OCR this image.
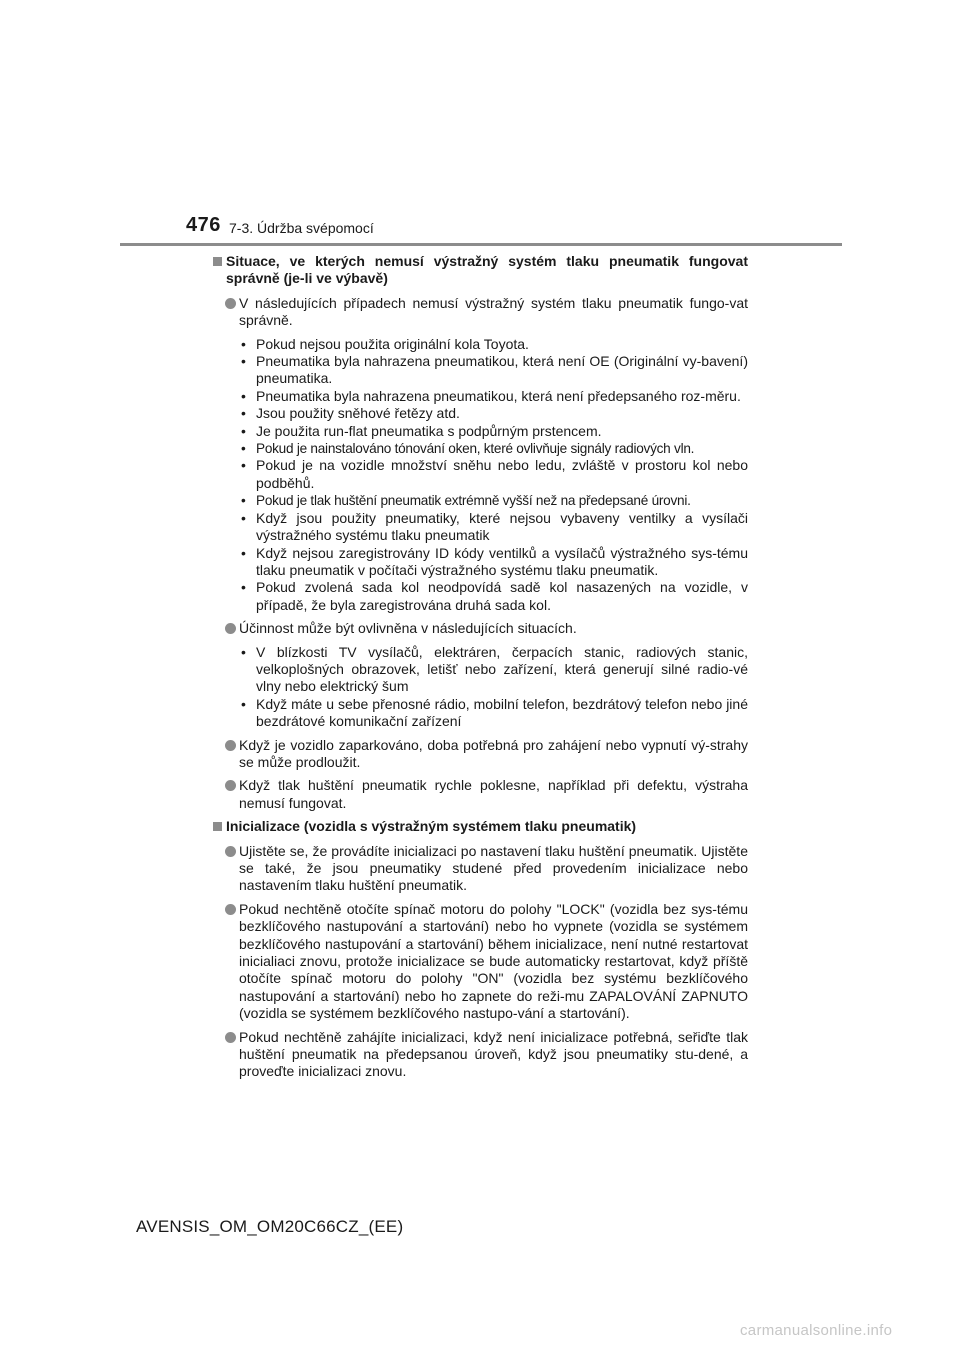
476 7-3. Údržba svépomocí
Situace, ve kterých nemusí výstražný systém tlaku pneumatik fungovat správně (je-li ve výbavě)
V následujících případech nemusí výstražný systém tlaku pneumatik fungo-vat správně.
• Pokud nejsou použita originální kola Toyota.
• Pneumatika byla nahrazena pneumatikou, která není OE (Originální vy-bavení) pneumatika.
• Pneumatika byla nahrazena pneumatikou, která není předepsaného roz-měru.
• Jsou použity sněhové řetězy atd.
• Je použita run-flat pneumatika s podpůrným prstencem.
• Pokud je nainstalováno tónování oken, které ovlivňuje signály radiových vln.
• Pokud je na vozidle množství sněhu nebo ledu, zvláště v prostoru kol nebo podběhů.
• Pokud je tlak huštění pneumatik extrémně vyšší než na předepsané úrovni.
• Když jsou použity pneumatiky, které nejsou vybaveny ventilky a vysílači výstražného systému tlaku pneumatik
• Když nejsou zaregistrovány ID kódy ventilků a vysílačů výstražného sys-tému tlaku pneumatik v počítači výstražného systému tlaku pneumatik.
• Pokud zvolená sada kol neodpovídá sadě kol nasazených na vozidle, v případě, že byla zaregistrována druhá sada kol.
Účinnost může být ovlivněna v následujících situacích.
• V blízkosti TV vysílačů, elektráren, čerpacích stanic, radiových stanic, velkoplošných obrazovek, letišť nebo zařízení, která generují silné radio-vé vlny nebo elektrický šum
• Když máte u sebe přenosné rádio, mobilní telefon, bezdrátový telefon nebo jiné bezdrátové komunikační zařízení
Když je vozidlo zaparkováno, doba potřebná pro zahájení nebo vypnutí vý-strahy se může prodloužit.
Když tlak huštění pneumatik rychle poklesne, například při defektu, výstraha nemusí fungovat.
Inicializace (vozidla s výstražným systémem tlaku pneumatik)
Ujistěte se, že provádíte inicializaci po nastavení tlaku huštění pneumatik. Ujistěte se také, že jsou pneumatiky studené před provedením inicializace nebo nastavením tlaku huštění pneumatik.
Pokud nechtěně otočíte spínač motoru do polohy "LOCK" (vozidla bez sys-tému bezklíčového nastupování a startování) nebo ho vypnete (vozidla se systémem bezklíčového nastupování a startování) během inicializace, není nutné restartovat inicialiaci znovu, protože inicializace se bude automaticky restartovat, když příště otočíte spínač motoru do polohy "ON" (vozidla bez systému bezklíčového nastupování a startování) nebo ho zapnete do reži-mu ZAPALOVÁNÍ ZAPNUTO (vozidla se systémem bezklíčového nastupo-vání a startování).
Pokud nechtěně zahájíte inicializaci, když není inicializace potřebná, seřiďte tlak huštění pneumatik na předepsanou úroveň, když jsou pneumatiky stu-dené, a proveďte inicializaci znovu.
AVENSIS_OM_OM20C66CZ_(EE)
carmanualsonline.info
